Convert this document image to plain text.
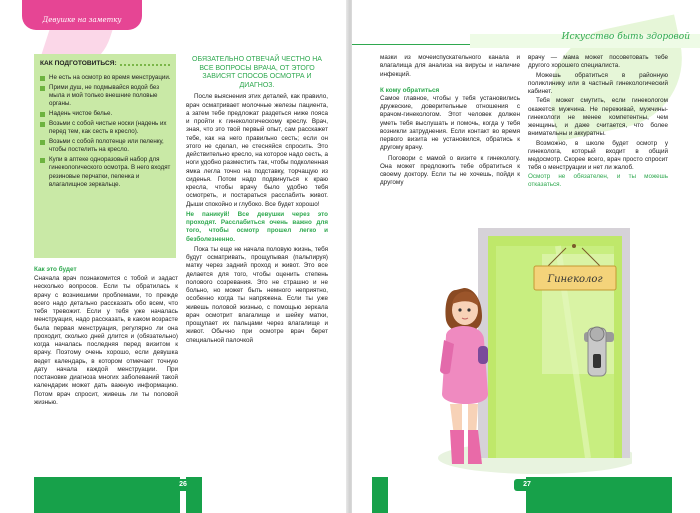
Девушке на заметку
КАК ПОДГОТОВИТЬСЯ:
Не есть на осмотр во время менструации.
Прими душ, не подмывайся водой без мыла и мой только внешние половые органы.
Надень чистое белье.
Возьми с собой чистые носки (надень их перед тем, как сесть в кресло).
Возьми с собой полотенце или пеленку, чтобы постелить на кресло.
Купи в аптеке одноразовый набор для гинекологического осмотра. В него входят резиновые перчатки, пеленка и влагалищное зеркальце.

Как это будет

Сначала врач познакомится с тобой и задаст несколько вопросов. Если ты обратилась к врачу с возникшими проблемами, то прежде всего надо детально рассказать обо всем, что тебя тревожит. Если у тебя уже началась менструация, надо рассказать, в каком возрасте была первая менструация, регулярно ли она проходит, сколько дней длится и (обязательно) когда началась последняя перед визитом к врачу. Поэтому очень хорошо, если девушка ведет календарь, в котором отмечает точную дату начала каждой менструации. При постановке диагноза многих заболеваний такой календарик может дать важную информацию. Потом врач спросит, живешь ли ты половой жизнью.

ОБЯЗАТЕЛЬНО ОТВЕЧАЙ ЧЕСТНО НА ВСЕ ВОПРОСЫ ВРАЧА, ОТ ЭТОГО ЗАВИСЯТ СПОСОБ ОСМОТРА И ДИАГНОЗ.

После выяснения этих деталей, как правило, врач осматривает молочные железы пациента, а затем тебе предложат раздеться ниже пояса и пройти к гинекологическому креслу. Врач, зная, что это твой первый опыт, сам расскажет тебе, как на него правильно сесть; если он этого не сделал, не стесняйся спросить. Это действительно кресло, на которое надо сесть, а ноги удобно разместить так, чтобы подколенная ямка легла точно на подставку, торчащую из сиденья. Потом надо подвинуться к краю кресла, чтобы врачу было удобно тебя осмотреть, и постараться расслабить живот. Дыши спокойно и глубоко. Все будет хорошо!

Не паникуй! Все девушки через это проходят. Расслабиться очень важно для того, чтобы осмотр прошел легко и безболезненно.

Пока ты еще не начала половую жизнь, тебя будут осматривать, прощупывая (пальпируя) матку через задний проход и живот. Это все делается для того, чтобы оценить степень полового созревания. Это не страшно и не больно, но может быть немного неприятно, особенно когда ты напряжена. Если ты уже живешь половой жизнью, с помощью зеркала врач осмотрит влагалище и шейку матки, прощупает их пальцами через влагалище и живот. Обычно при осмотре врач берет специальной палочкой

26
Искусство быть здоровой

мазки из мочеиспускательного канала и влагалища для анализа на вирусы и наличие инфекций.

К кому обратиться

Самое главное, чтобы у тебя установились дружеские, доверительные отношения с врачом-гинекологом. Этот человек должен уметь тебя выслушать и помочь, когда у тебя возникли затруднения. Если контакт во время первого визита не установился, обратись к другому врачу.

Поговори с мамой о визите к гинекологу. Она может предложить тебе обратиться к своему доктору. Если ты не хочешь, пойди к другому

врачу — мама может посоветовать тебе другого хорошего специалиста.

Можешь обратиться в районную поликлинику или в частный гинекологический кабинет.

Тебя может смутить, если гинекологом окажется мужчина. Не переживай, мужчины-гинекологи не менее компетентны, чем женщины, и даже считается, что более внимательны и аккуратны.

Возможно, в школе будет осмотр у гинеколога, который входит в общий медосмотр. Скорее всего, врач просто спросит тебя о менструации и нет ли жалоб.

Осмотр не обязателен, и ты можешь отказаться.

Гинеколог
27
